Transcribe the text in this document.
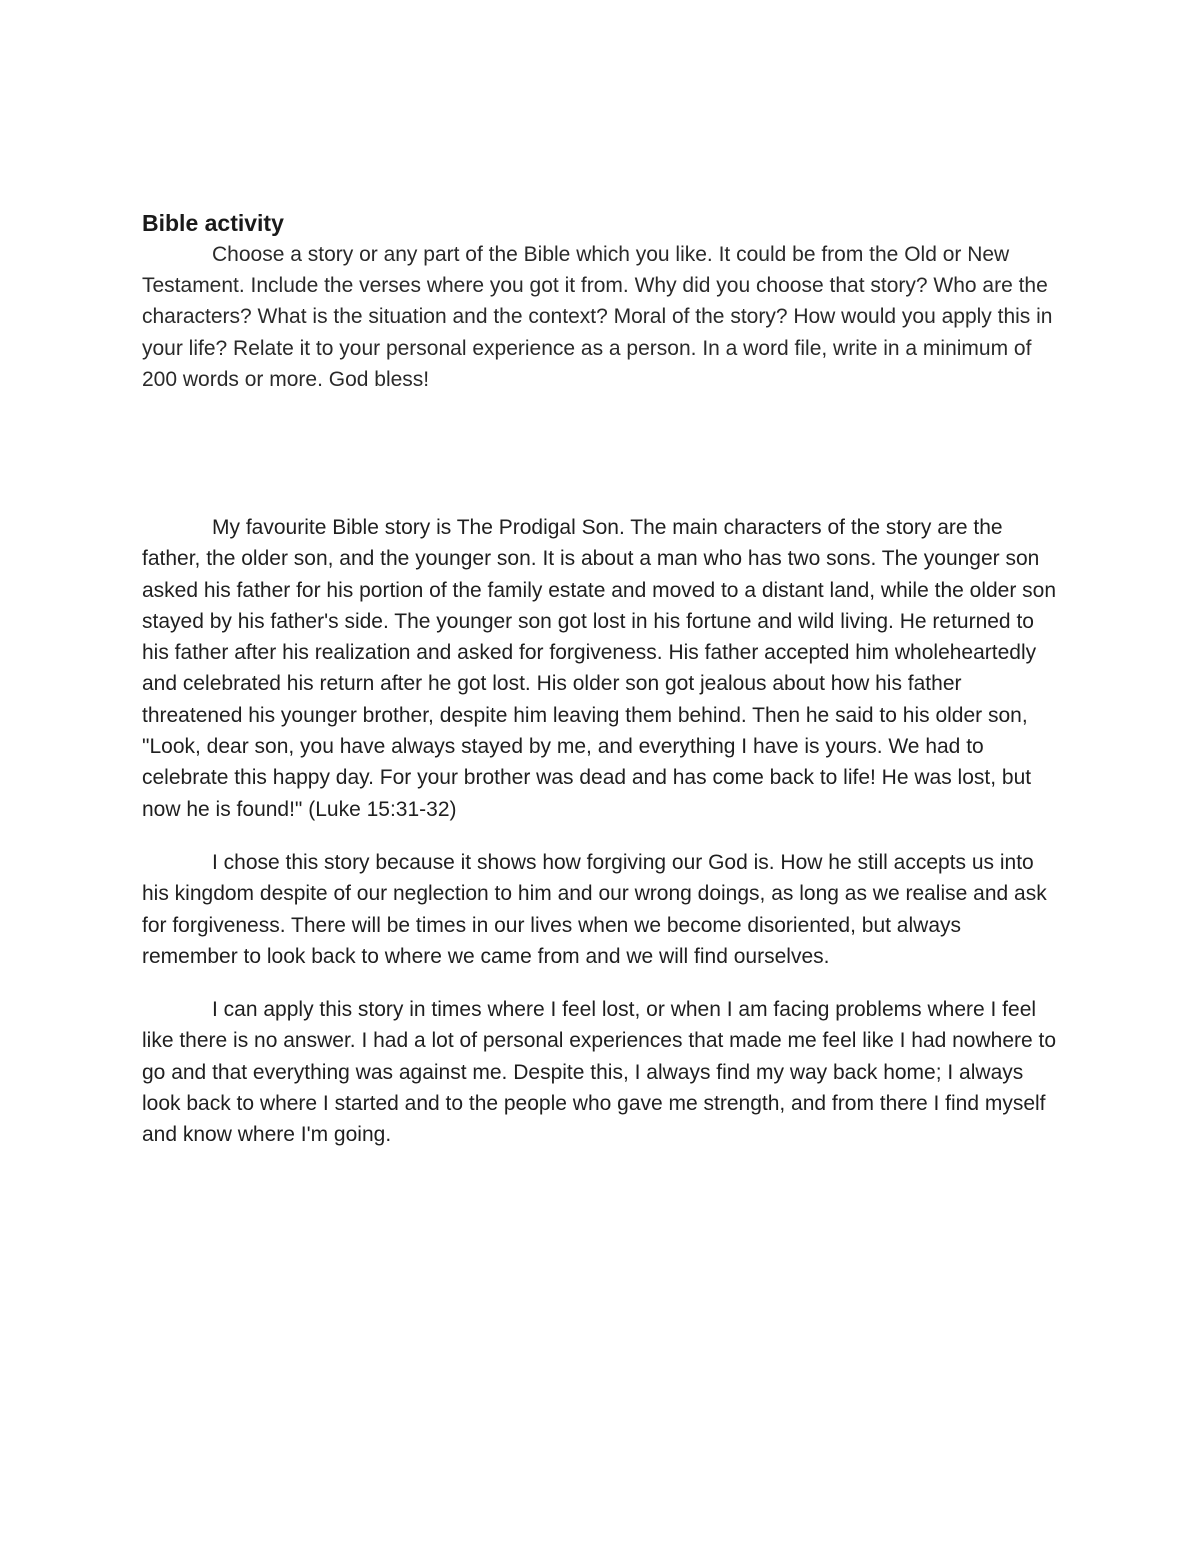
Bible activity

Choose a story or any part of the Bible which you like. It could be from the Old or New Testament. Include the verses where you got it from. Why did you choose that story? Who are the characters? What is the situation and the context? Moral of the story? How would you apply this in your life? Relate it to your personal experience as a person. In a word file, write in a minimum of 200 words or more. God bless!

My favourite Bible story is The Prodigal Son. The main characters of the story are the father, the older son, and the younger son. It is about a man who has two sons. The younger son asked his father for his portion of the family estate and moved to a distant land, while the older son stayed by his father's side. The younger son got lost in his fortune and wild living. He returned to his father after his realization and asked for forgiveness. His father accepted him wholeheartedly and celebrated his return after he got lost. His older son got jealous about how his father threatened his younger brother, despite him leaving them behind. Then he said to his older son, "Look, dear son, you have always stayed by me, and everything I have is yours. We had to celebrate this happy day. For your brother was dead and has come back to life! He was lost, but now he is found!" (Luke 15:31-32)

I chose this story because it shows how forgiving our God is. How he still accepts us into his kingdom despite of our neglection to him and our wrong doings, as long as we realise and ask for forgiveness. There will be times in our lives when we become disoriented, but always remember to look back to where we came from and we will find ourselves.

I can apply this story in times where I feel lost, or when I am facing problems where I feel like there is no answer. I had a lot of personal experiences that made me feel like I had nowhere to go and that everything was against me. Despite this, I always find my way back home; I always look back to where I started and to the people who gave me strength, and from there I find myself and know where I'm going.
